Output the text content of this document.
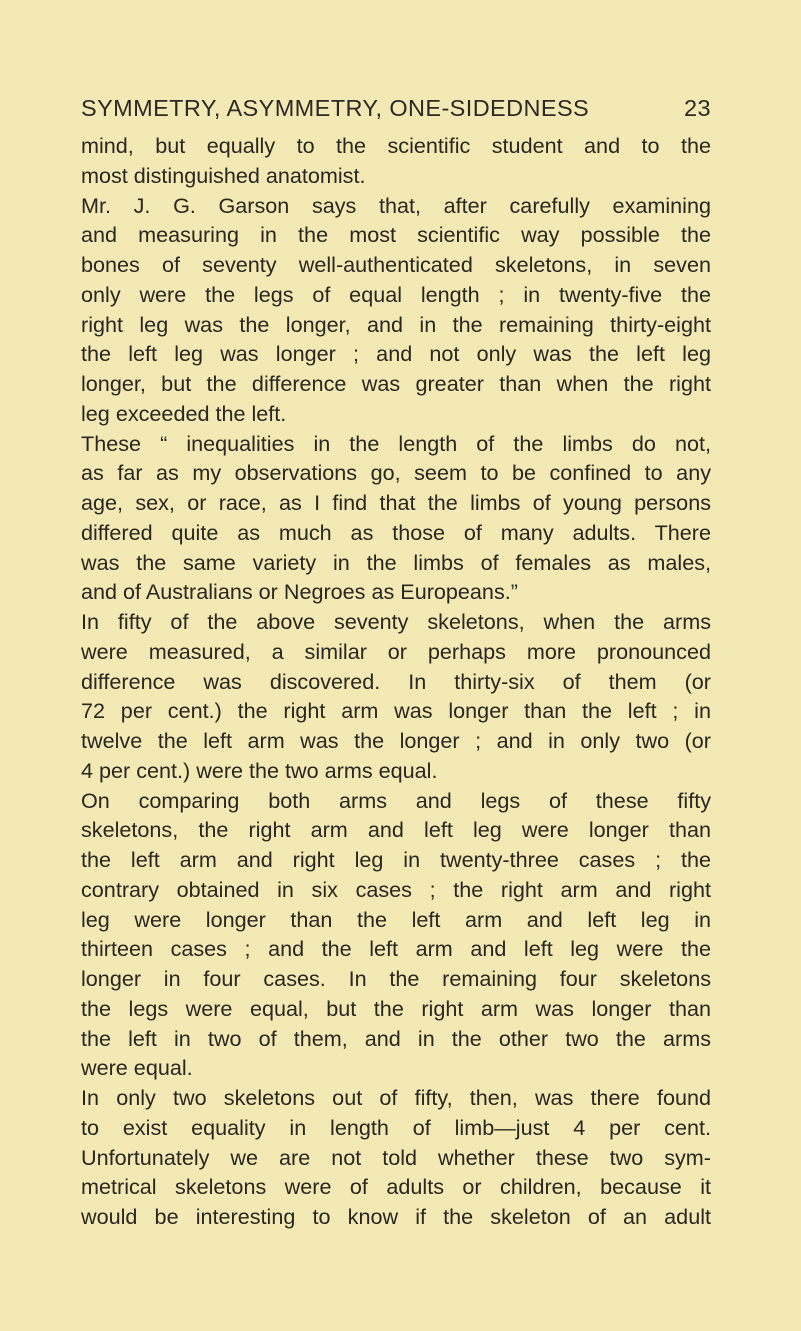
SYMMETRY, ASYMMETRY, ONE-SIDEDNESS	23
mind, but equally to the scientific student and to the
most distinguished anatomist.
Mr. J. G. Garson says that, after carefully examining
and measuring in the most scientific way possible the
bones of seventy well-authenticated skeletons, in seven
only were the legs of equal length ; in twenty-five the
right leg was the longer, and in the remaining thirty-eight
the left leg was longer ; and not only was the left leg
longer, but the difference was greater than when the right
leg exceeded the left.
These “ inequalities in the length of the limbs do not,
as far as my observations go, seem to be confined to any
age, sex, or race, as I find that the limbs of young persons
differed quite as much as those of many adults. There
was the same variety in the limbs of females as males,
and of Australians or Negroes as Europeans.”
In fifty of the above seventy skeletons, when the arms
were measured, a similar or perhaps more pronounced
difference was discovered. In thirty-six of them (or
72 per cent.) the right arm was longer than the left ; in
twelve the left arm was the longer ; and in only two (or
4 per cent.) were the two arms equal.
On comparing both arms and legs of these fifty
skeletons, the right arm and left leg were longer than
the left arm and right leg in twenty-three cases ; the
contrary obtained in six cases ; the right arm and right
leg were longer than the left arm and left leg in
thirteen cases ; and the left arm and left leg were the
longer in four cases. In the remaining four skeletons
the legs were equal, but the right arm was longer than
the left in two of them, and in the other two the arms
were equal.
In only two skeletons out of fifty, then, was there found
to exist equality in length of limb—just 4 per cent.
Unfortunately we are not told whether these two sym-
metrical skeletons were of adults or children, because it
would be interesting to know if the skeleton of an adult
